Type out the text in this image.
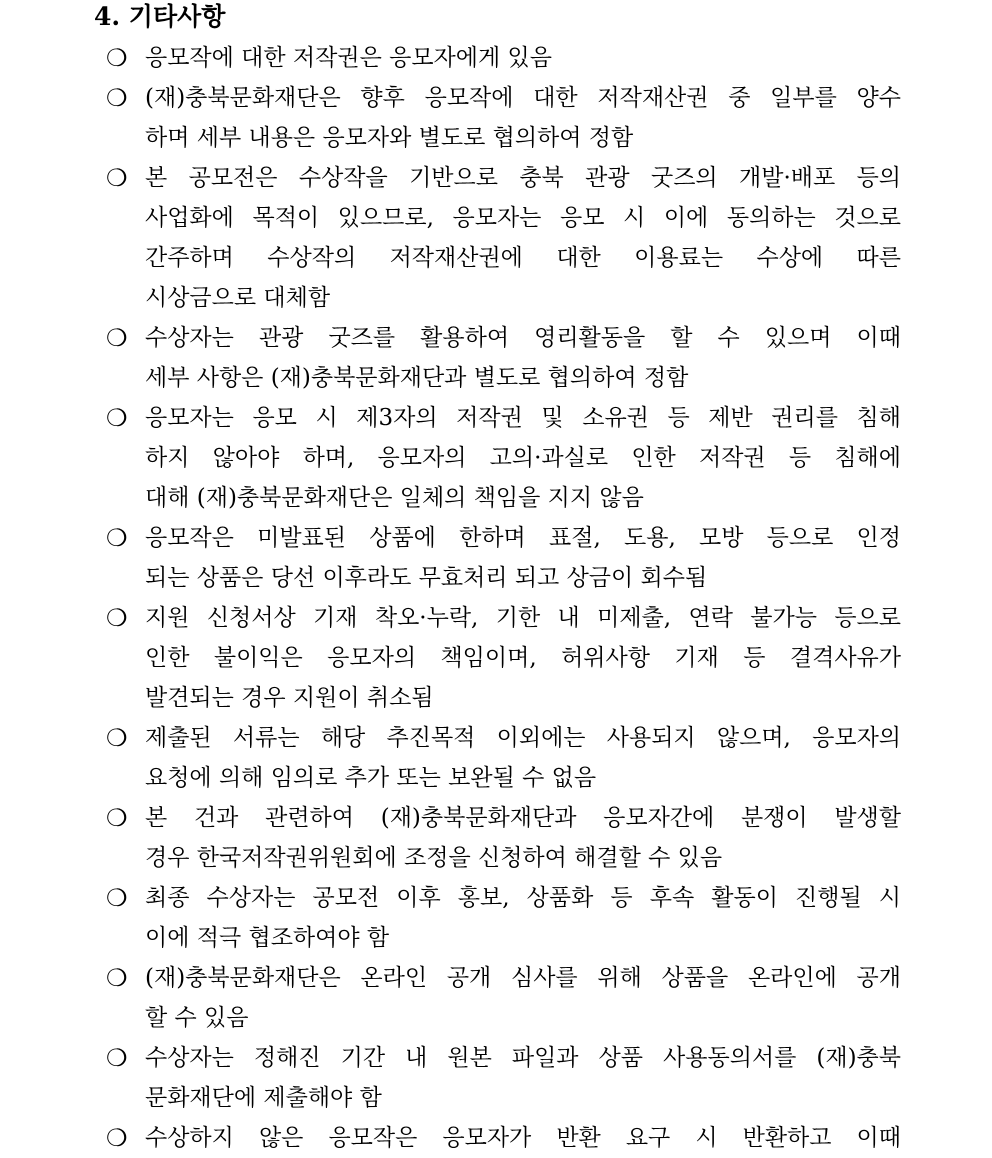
4. 기타사항
❍ 응모작에 대한 저작권은 응모자에게 있음
❍ (재)충북문화재단은 향후 응모작에 대한 저작재산권 중 일부를 양수
하며 세부 내용은 응모자와 별도로 협의하여 정함
❍ 본 공모전은 수상작을 기반으로 충북 관광 굿즈의 개발·배포 등의
사업화에 목적이 있으므로, 응모자는 응모 시 이에 동의하는 것으로
간주하며 수상작의 저작재산권에 대한 이용료는 수상에 따른
시상금으로 대체함
❍ 수상자는 관광 굿즈를 활용하여 영리활동을 할 수 있으며 이때
세부 사항은 (재)충북문화재단과 별도로 협의하여 정함
❍ 응모자는 응모 시 제3자의 저작권 및 소유권 등 제반 권리를 침해
하지 않아야 하며, 응모자의 고의·과실로 인한 저작권 등 침해에
대해 (재)충북문화재단은 일체의 책임을 지지 않음
❍ 응모작은 미발표된 상품에 한하며 표절, 도용, 모방 등으로 인정
되는 상품은 당선 이후라도 무효처리 되고 상금이 회수됨
❍ 지원 신청서상 기재 착오·누락, 기한 내 미제출, 연락 불가능 등으로
인한 불이익은 응모자의 책임이며, 허위사항 기재 등 결격사유가
발견되는 경우 지원이 취소됨
❍ 제출된 서류는 해당 추진목적 이외에는 사용되지 않으며, 응모자의
요청에 의해 임의로 추가 또는 보완될 수 없음
❍ 본 건과 관련하여 (재)충북문화재단과 응모자간에 분쟁이 발생할
경우 한국저작권위원회에 조정을 신청하여 해결할 수 있음
❍ 최종 수상자는 공모전 이후 홍보, 상품화 등 후속 활동이 진행될 시
이에 적극 협조하여야 함
❍ (재)충북문화재단은 온라인 공개 심사를 위해 상품을 온라인에 공개
할 수 있음
❍ 수상자는 정해진 기간 내 원본 파일과 상품 사용동의서를 (재)충북
문화재단에 제출해야 함
❍ 수상하지 않은 응모작은 응모자가 반환 요구 시 반환하고 이때
